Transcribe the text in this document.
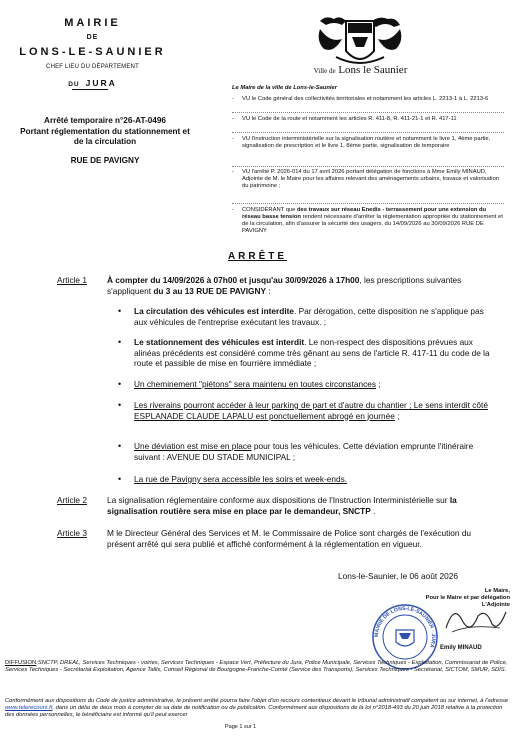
MAIRIE
DE
LONS-LE-SAUNIER
CHEF LIEU DU DÉPARTEMENT
DU JURA
Arrêté temporaire n°26-AT-0496
Portant réglementation du stationnement et
de la circulation
RUE DE PAVIGNY
Ville de Lons le Saunier
Le Maire de la ville de Lons-le-Saunier
- VU le Code général des collectivités territoriales et notamment les articles L. 2213-1 à L. 2213-6
- VU le Code de la route et notamment les articles R. 411-8, R. 411-21-1 et R. 417-11
- VU l'instruction interministérielle sur la signalisation routière et notamment le livre 1, 4ème partie, signalisation de prescription et le livre 1, 8ème partie, signalisation de temporaire
- VU l'arrêté P. 2026-014 du 17 avril 2026 portant délégation de fonctions à Mme Emily MINAUD, Adjointe de M. le Maire pour les affaires relevant des aménagements urbains, travaux et valorisation du patrimoine ;
- CONSIDÉRANT que des travaux sur réseau Enedis - terrassement pour une extension du réseau basse tension rendent nécessaire d'arrêter la réglementation appropriée du stationnement et de la circulation, afin d'assurer la sécurité des usagers, du 14/09/2026 au 30/09/2026 RUE DE PAVIGNY
ARRÊTE
Article 1 À compter du 14/09/2026 à 07h00 et jusqu'au 30/09/2026 à 17h00, les prescriptions suivantes s'appliquent du 3 au 13 RUE DE PAVIGNY :
• La circulation des véhicules est interdite. Par dérogation, cette disposition ne s'applique pas aux véhicules de l'entreprise exécutant les travaux. ;
• Le stationnement des véhicules est interdit. Le non-respect des dispositions prévues aux alinéas précédents est considéré comme très gênant au sens de l'article R. 417-11 du code de la route et passible de mise en fourrière immédiate ;
• Un cheminement "piétons" sera maintenu en toutes circonstances ;
• Les riverains pourront accéder à leur parking de part et d'autre du chantier ; Le sens interdit côté ESPLANADE CLAUDE LAPALU est ponctuellement abrogé en journée ;
• Une déviation est mise en place pour tous les véhicules. Cette déviation emprunte l'itinéraire suivant : AVENUE DU STADE MUNICIPAL ;
• La rue de Pavigny sera accessible les soirs et week-ends.
Article 2 La signalisation réglementaire conforme aux dispositions de l'Instruction Interministérielle sur la signalisation routière sera mise en place par le demandeur, SNCTP .
Article 3 M le Directeur Général des Services et M. le Commissaire de Police sont chargés de l'exécution du présent arrêté qui sera publié et affiché conformément à la réglementation en vigueur.
Lons-le-Saunier, le 06 août 2026
Le Maire,
Pour le Maire et par délégation
L'Adjointe
MAIRIE DE LONS-LE-SAUNIER · JURA Emily MINAUD
DIFFUSION:SNCTP, DREAL, Services Techniques - voiries, Services Techniques - Espace Vert, Préfecture du Jura, Police Municipale, Services Techniques - Exploitation, Commissariat de Police, Services Techniques - Secrétariat Exploitation, Agence Tallis, Conseil Régional de Bourgogne-Franche-Comté (Service des Transports), Services Techniques - Secrétariat, SICTOM, SMUR, SDIS.
Conformément aux dispositions du Code de justice administrative, le présent arrêté pourra faire l'objet d'un recours contentieux devant le tribunal administratif compétent ou sur internet, à l'adresse www.telerecours.fr, dans un délai de deux mois à compter de sa date de notification ou de publication. Conformément aux dispositions de la loi n°2018-493 du 20 juin 2018 relative à la protection des données personnelles, le bénéficiaire est informé qu'il peut exercer
Page 1 sur 1
